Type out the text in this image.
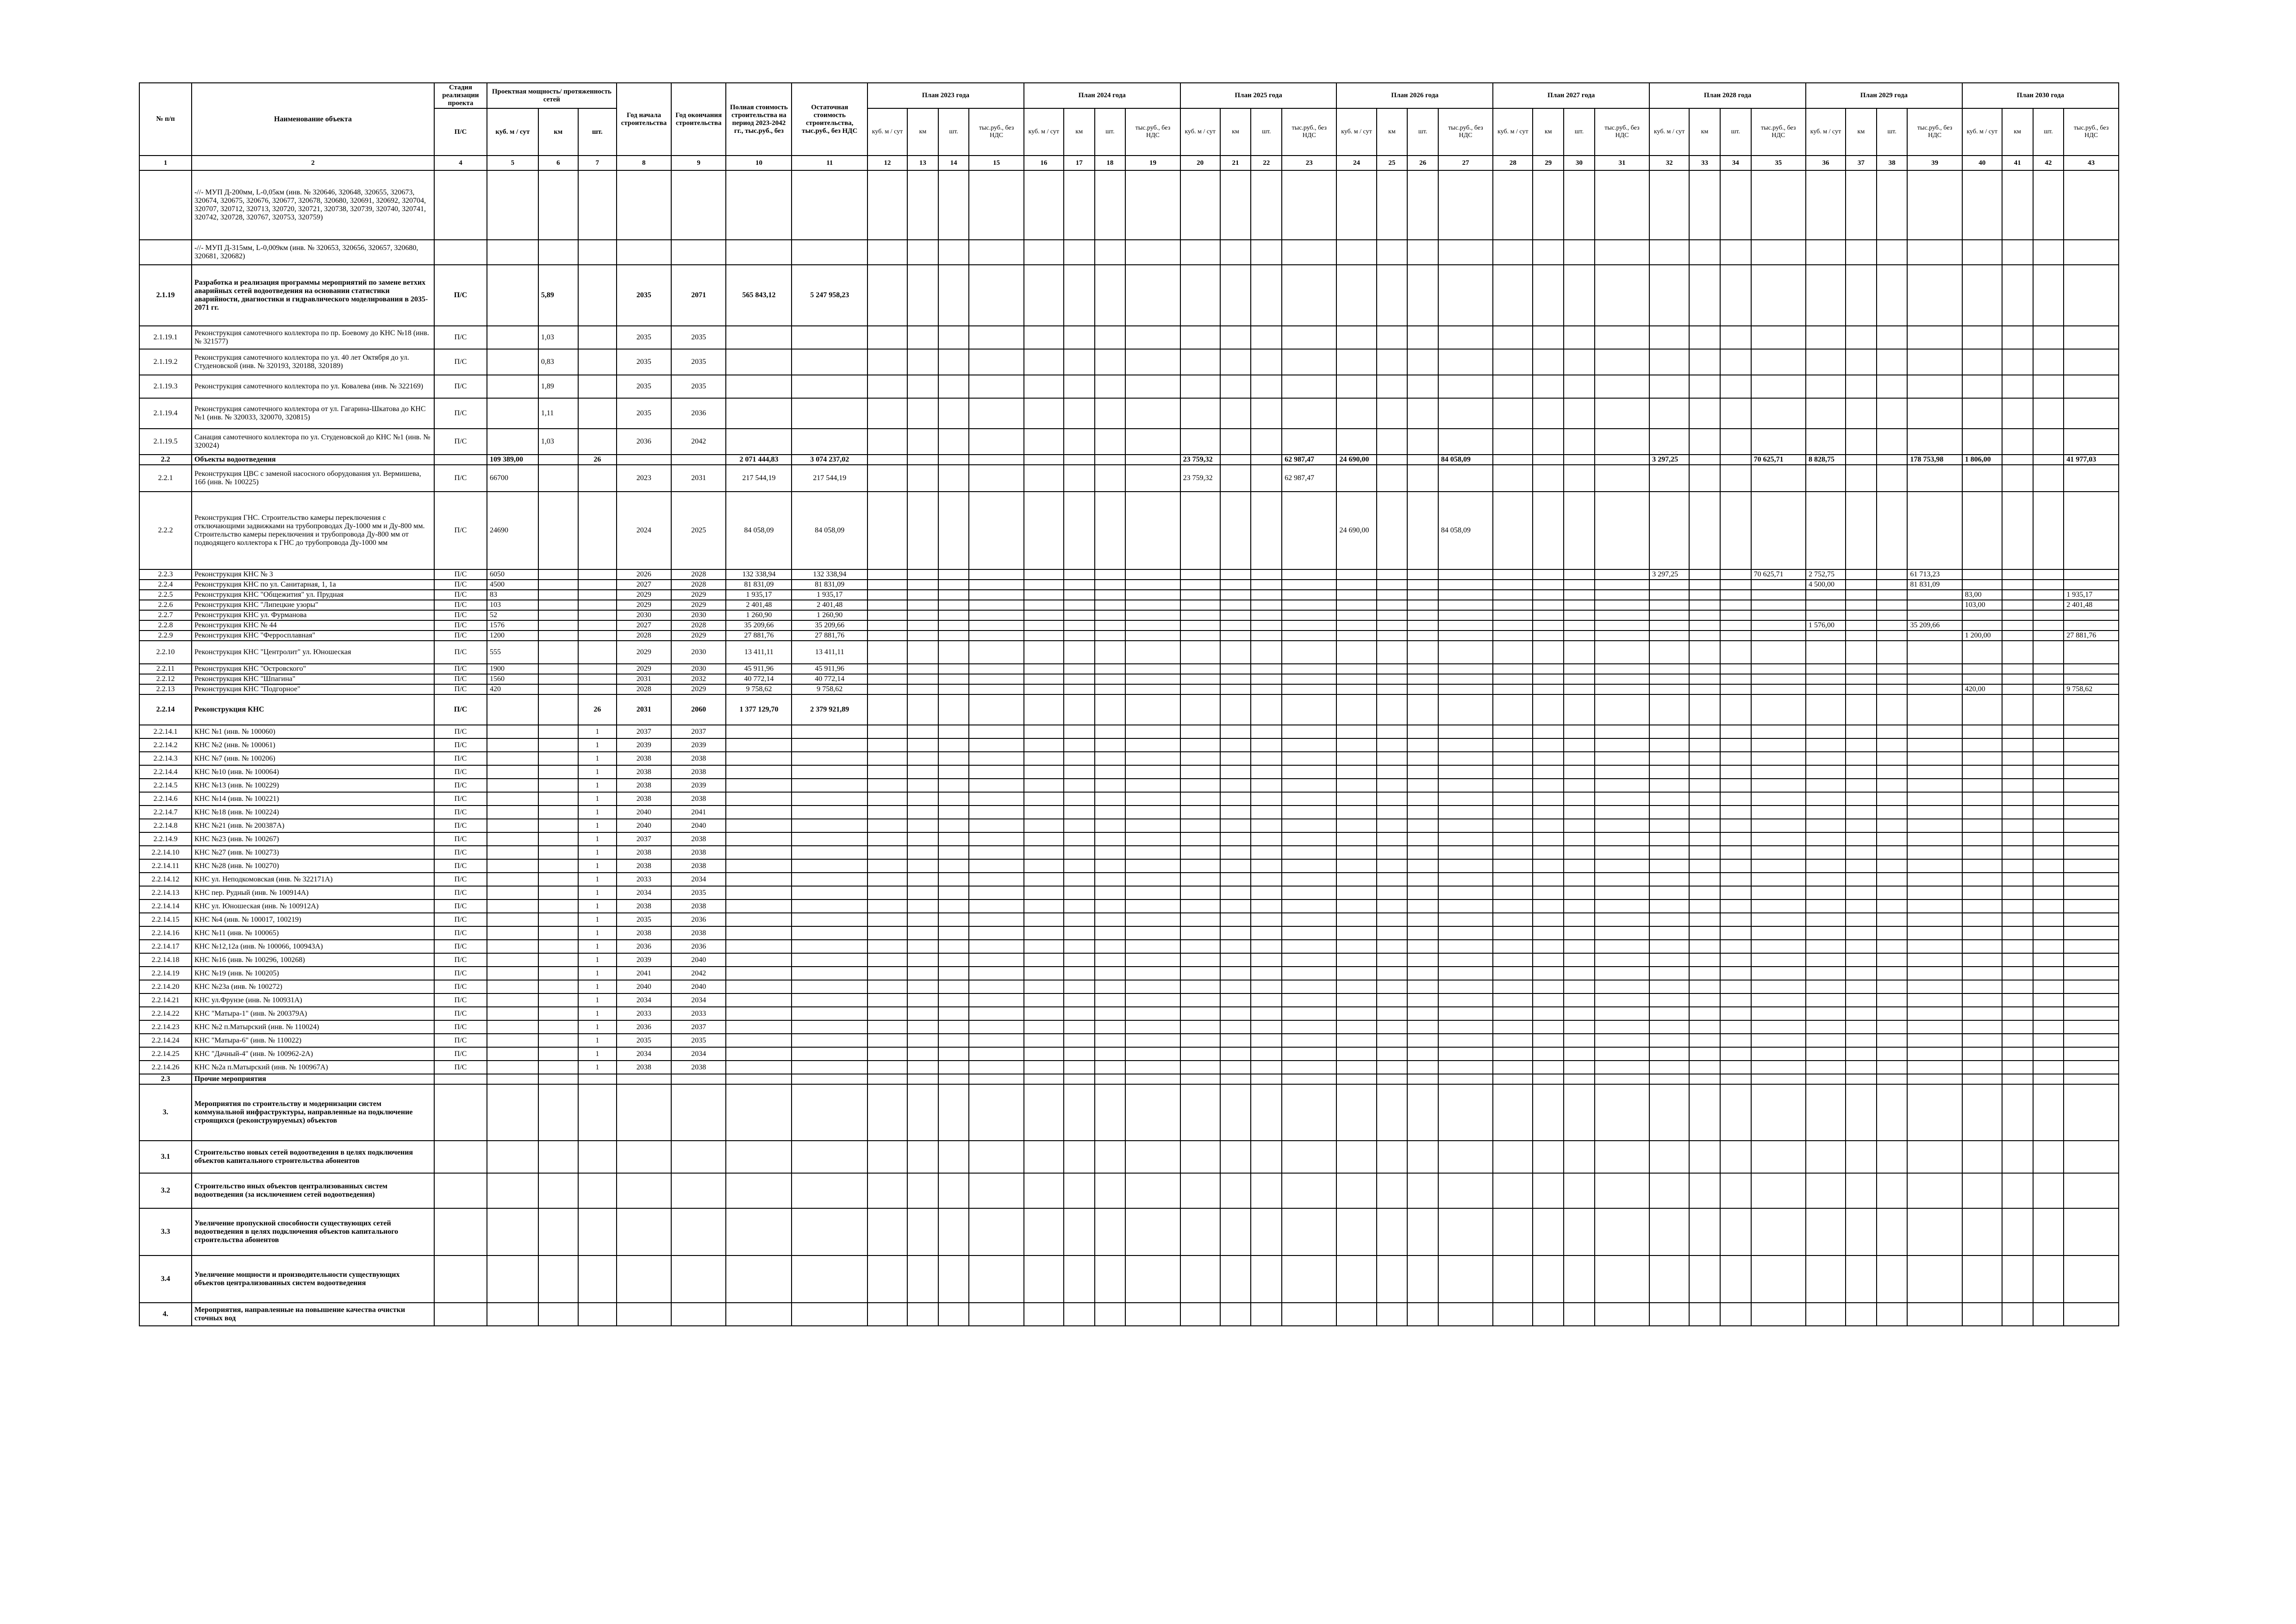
№ п/п	Наименование объекта	Стадия реализации проекта	Проектная мощность/ протяженность сетей			Год начала строительства	Год окончания строительства	Полная стоимость строительства на период 2023-2042 гг., тыс.руб., без	Остаточная стоимость строительства, тыс.руб., без НДС	План 2023 года				План 2024 года				План 2025 года				План 2026 года				План 2027 года				План 2028 года				План 2029 года				План 2030 года			
		П/С	куб. м / сут	км	шт.					куб. м / сут	км	шт.	тыс.руб., без НДС	куб. м / сут	км	шт.	тыс.руб., без НДС	куб. м / сут	км	шт.	тыс.руб., без НДС	куб. м / сут	км	шт.	тыс.руб., без НДС	куб. м / сут	км	шт.	тыс.руб., без НДС	куб. м / сут	км	шт.	тыс.руб., без НДС	куб. м / сут	км	шт.	тыс.руб., без НДС	куб. м / сут	км	шт.	тыс.руб., без НДС
1	2	4	5	6	7	8	9	10	11	12	13	14	15	16	17	18	19	20	21	22	23	24	25	26	27	28	29	30	31	32	33	34	35	36	37	38	39	40	41	42	43
	-//- МУП Д-200мм, L-0,05км (инв. № 320646, 320648, 320655, 320673, 320674, 320675, 320676, 320677, 320678, 320680, 320691, 320692, 320704, 320707, 320712, 320713, 320720, 320721, 320738, 320739, 320740, 320741, 320742, 320728, 320767, 320753, 320759)																																								
	-//- МУП Д-315мм, L-0,009км (инв. № 320653, 320656, 320657, 320680, 320681, 320682)																																								
2.1.19	Разработка и реализация программы мероприятий по замене ветхих аварийных сетей водоотведения на основании статистики аварийности, диагностики и гидравлического моделирования в 2035-2071 гг.	П/С		5,89		2035	2071	565 843,12	5 247 958,23																																
2.1.19.1	Реконструкция самотечного коллектора по пр. Боевому до КНС №18 (инв. № 321577)	П/С		1,03		2035	2035																																		
2.1.19.2	Реконструкция самотечного коллектора по ул. 40 лет Октября до ул. Студеновской (инв. № 320193, 320188, 320189)	П/С		0,83		2035	2035																																		
2.1.19.3	Реконструкция самотечного коллектора по ул. Ковалева (инв. № 322169)	П/С		1,89		2035	2035																																		
2.1.19.4	Реконструкция самотечного коллектора от ул. Гагарина-Шкатова до КНС №1 (инв. № 320033, 320070, 320815)	П/С		1,11		2035	2036																																		
2.1.19.5	Санация самотечного коллектора по ул. Студеновской до КНС №1 (инв. № 320024)	П/С		1,03		2036	2042																																		
2.2	Объекты водоотведения		109 389,00		26			2 071 444,83	3 074 237,02									23 759,32			62 987,47	24 690,00			84 058,09					3 297,25			70 625,71	8 828,75			178 753,98	1 806,00			41 977,03
2.2.1	Реконструкция ЦВС с заменой насосного оборудования ул. Вермишева, 16б (инв. № 100225)	П/С	66700			2023	2031	217 544,19	217 544,19									23 759,32			62 987,47																				
2.2.2	Реконструкция ГНС. Строительство камеры переключения с отключающими задвижками на трубопроводах Ду-1000 мм и Ду-800 мм. Строительство камеры переключения и трубопровода Ду-800 мм от подводящего коллектора к ГНС до трубопровода Ду-1000 мм	П/С	24690			2024	2025	84 058,09	84 058,09													24 690,00			84 058,09																
2.2.3	Реконструкция КНС № 3	П/С	6050			2026	2028	132 338,94	132 338,94																					3 297,25			70 625,71	2 752,75			61 713,23				
2.2.4	Реконструкция КНС по ул. Санитарная, 1, 1а	П/С	4500			2027	2028	81 831,09	81 831,09																									4 500,00			81 831,09				
2.2.5	Реконструкция КНС "Общежития" ул. Прудная	П/С	83			2029	2029	1 935,17	1 935,17																													83,00			1 935,17
2.2.6	Реконструкция КНС "Липецкие узоры"	П/С	103			2029	2029	2 401,48	2 401,48																													103,00			2 401,48
2.2.7	Реконструкция КНС ул. Фурманова	П/С	52			2030	2030	1 260,90	1 260,90																																
2.2.8	Реконструкция КНС № 44	П/С	1576			2027	2028	35 209,66	35 209,66																									1 576,00			35 209,66				
2.2.9	Реконструкция КНС "Ферросплавная"	П/С	1200			2028	2029	27 881,76	27 881,76																													1 200,00			27 881,76
2.2.10	Реконструкция КНС "Центролит" ул. Юношеская	П/С	555			2029	2030	13 411,11	13 411,11																																
2.2.11	Реконструкция КНС "Островского"	П/С	1900			2029	2030	45 911,96	45 911,96																																
2.2.12	Реконструкция КНС "Шпагина"	П/С	1560			2031	2032	40 772,14	40 772,14																																
2.2.13	Реконструкция КНС "Подгорное"	П/С	420			2028	2029	9 758,62	9 758,62																													420,00			9 758,62
2.2.14	Реконструкция КНС	П/С			26	2031	2060	1 377 129,70	2 379 921,89																																
2.2.14.1	КНС №1 (инв. № 100060)	П/С			1	2037	2037																																		
2.2.14.2	КНС №2 (инв. № 100061)	П/С			1	2039	2039																																		
2.2.14.3	КНС №7 (инв. № 100206)	П/С			1	2038	2038																																		
2.2.14.4	КНС №10 (инв. № 100064)	П/С			1	2038	2038																																		
2.2.14.5	КНС №13 (инв. № 100229)	П/С			1	2038	2039																																		
2.2.14.6	КНС №14 (инв. № 100221)	П/С			1	2038	2038																																		
2.2.14.7	КНС №18 (инв. № 100224)	П/С			1	2040	2041																																		
2.2.14.8	КНС №21 (инв. № 200387А)	П/С			1	2040	2040																																		
2.2.14.9	КНС №23 (инв. № 100267)	П/С			1	2037	2038																																		
2.2.14.10	КНС №27 (инв. № 100273)	П/С			1	2038	2038																																		
2.2.14.11	КНС №28 (инв. № 100270)	П/С			1	2038	2038																																		
2.2.14.12	КНС ул. Неподкомовская (инв. № 322171А)	П/С			1	2033	2034																																		
2.2.14.13	КНС пер. Рудный (инв. № 100914А)	П/С			1	2034	2035																																		
2.2.14.14	КНС ул. Юношеская (инв. № 100912А)	П/С			1	2038	2038																																		
2.2.14.15	КНС №4 (инв. № 100017, 100219)	П/С			1	2035	2036																																		
2.2.14.16	КНС №11 (инв. № 100065)	П/С			1	2038	2038																																		
2.2.14.17	КНС №12,12а (инв. № 100066, 100943А)	П/С			1	2036	2036																																		
2.2.14.18	КНС №16 (инв. № 100296, 100268)	П/С			1	2039	2040																																		
2.2.14.19	КНС №19 (инв. № 100205)	П/С			1	2041	2042																																		
2.2.14.20	КНС №23а (инв. № 100272)	П/С			1	2040	2040																																		
2.2.14.21	КНС ул.Фрунзе (инв. № 100931А)	П/С			1	2034	2034																																		
2.2.14.22	КНС "Матыра-1" (инв. № 200379А)	П/С			1	2033	2033																																		
2.2.14.23	КНС №2 п.Матырский (инв. № 110024)	П/С			1	2036	2037																																		
2.2.14.24	КНС "Матыра-6" (инв. № 110022)	П/С			1	2035	2035																																		
2.2.14.25	КНС "Дачный-4" (инв. № 100962-2А)	П/С			1	2034	2034																																		
2.2.14.26	КНС №2а п.Матырский (инв. № 100967А)	П/С			1	2038	2038																																		
2.3	Прочие мероприятия																																								
3.	Мероприятия по строительству и модернизации систем коммунальной инфраструктуры, направленные на подключение строящихся (реконструируемых) объектов																																								
3.1	Строительство новых сетей водоотведения в целях подключения объектов капитального строительства абонентов																																								
3.2	Строительство иных объектов централизованных систем водоотведения (за исключением сетей водоотведения)																																								
3.3	Увеличение пропускной способности существующих сетей водоотведения в целях подключения объектов капитального строительства абонентов																																								
3.4	Увеличение мощности и производительности существующих объектов централизованных систем водоотведения																																								
4.	Мероприятия, направленные на повышение качества очистки сточных вод																																								
